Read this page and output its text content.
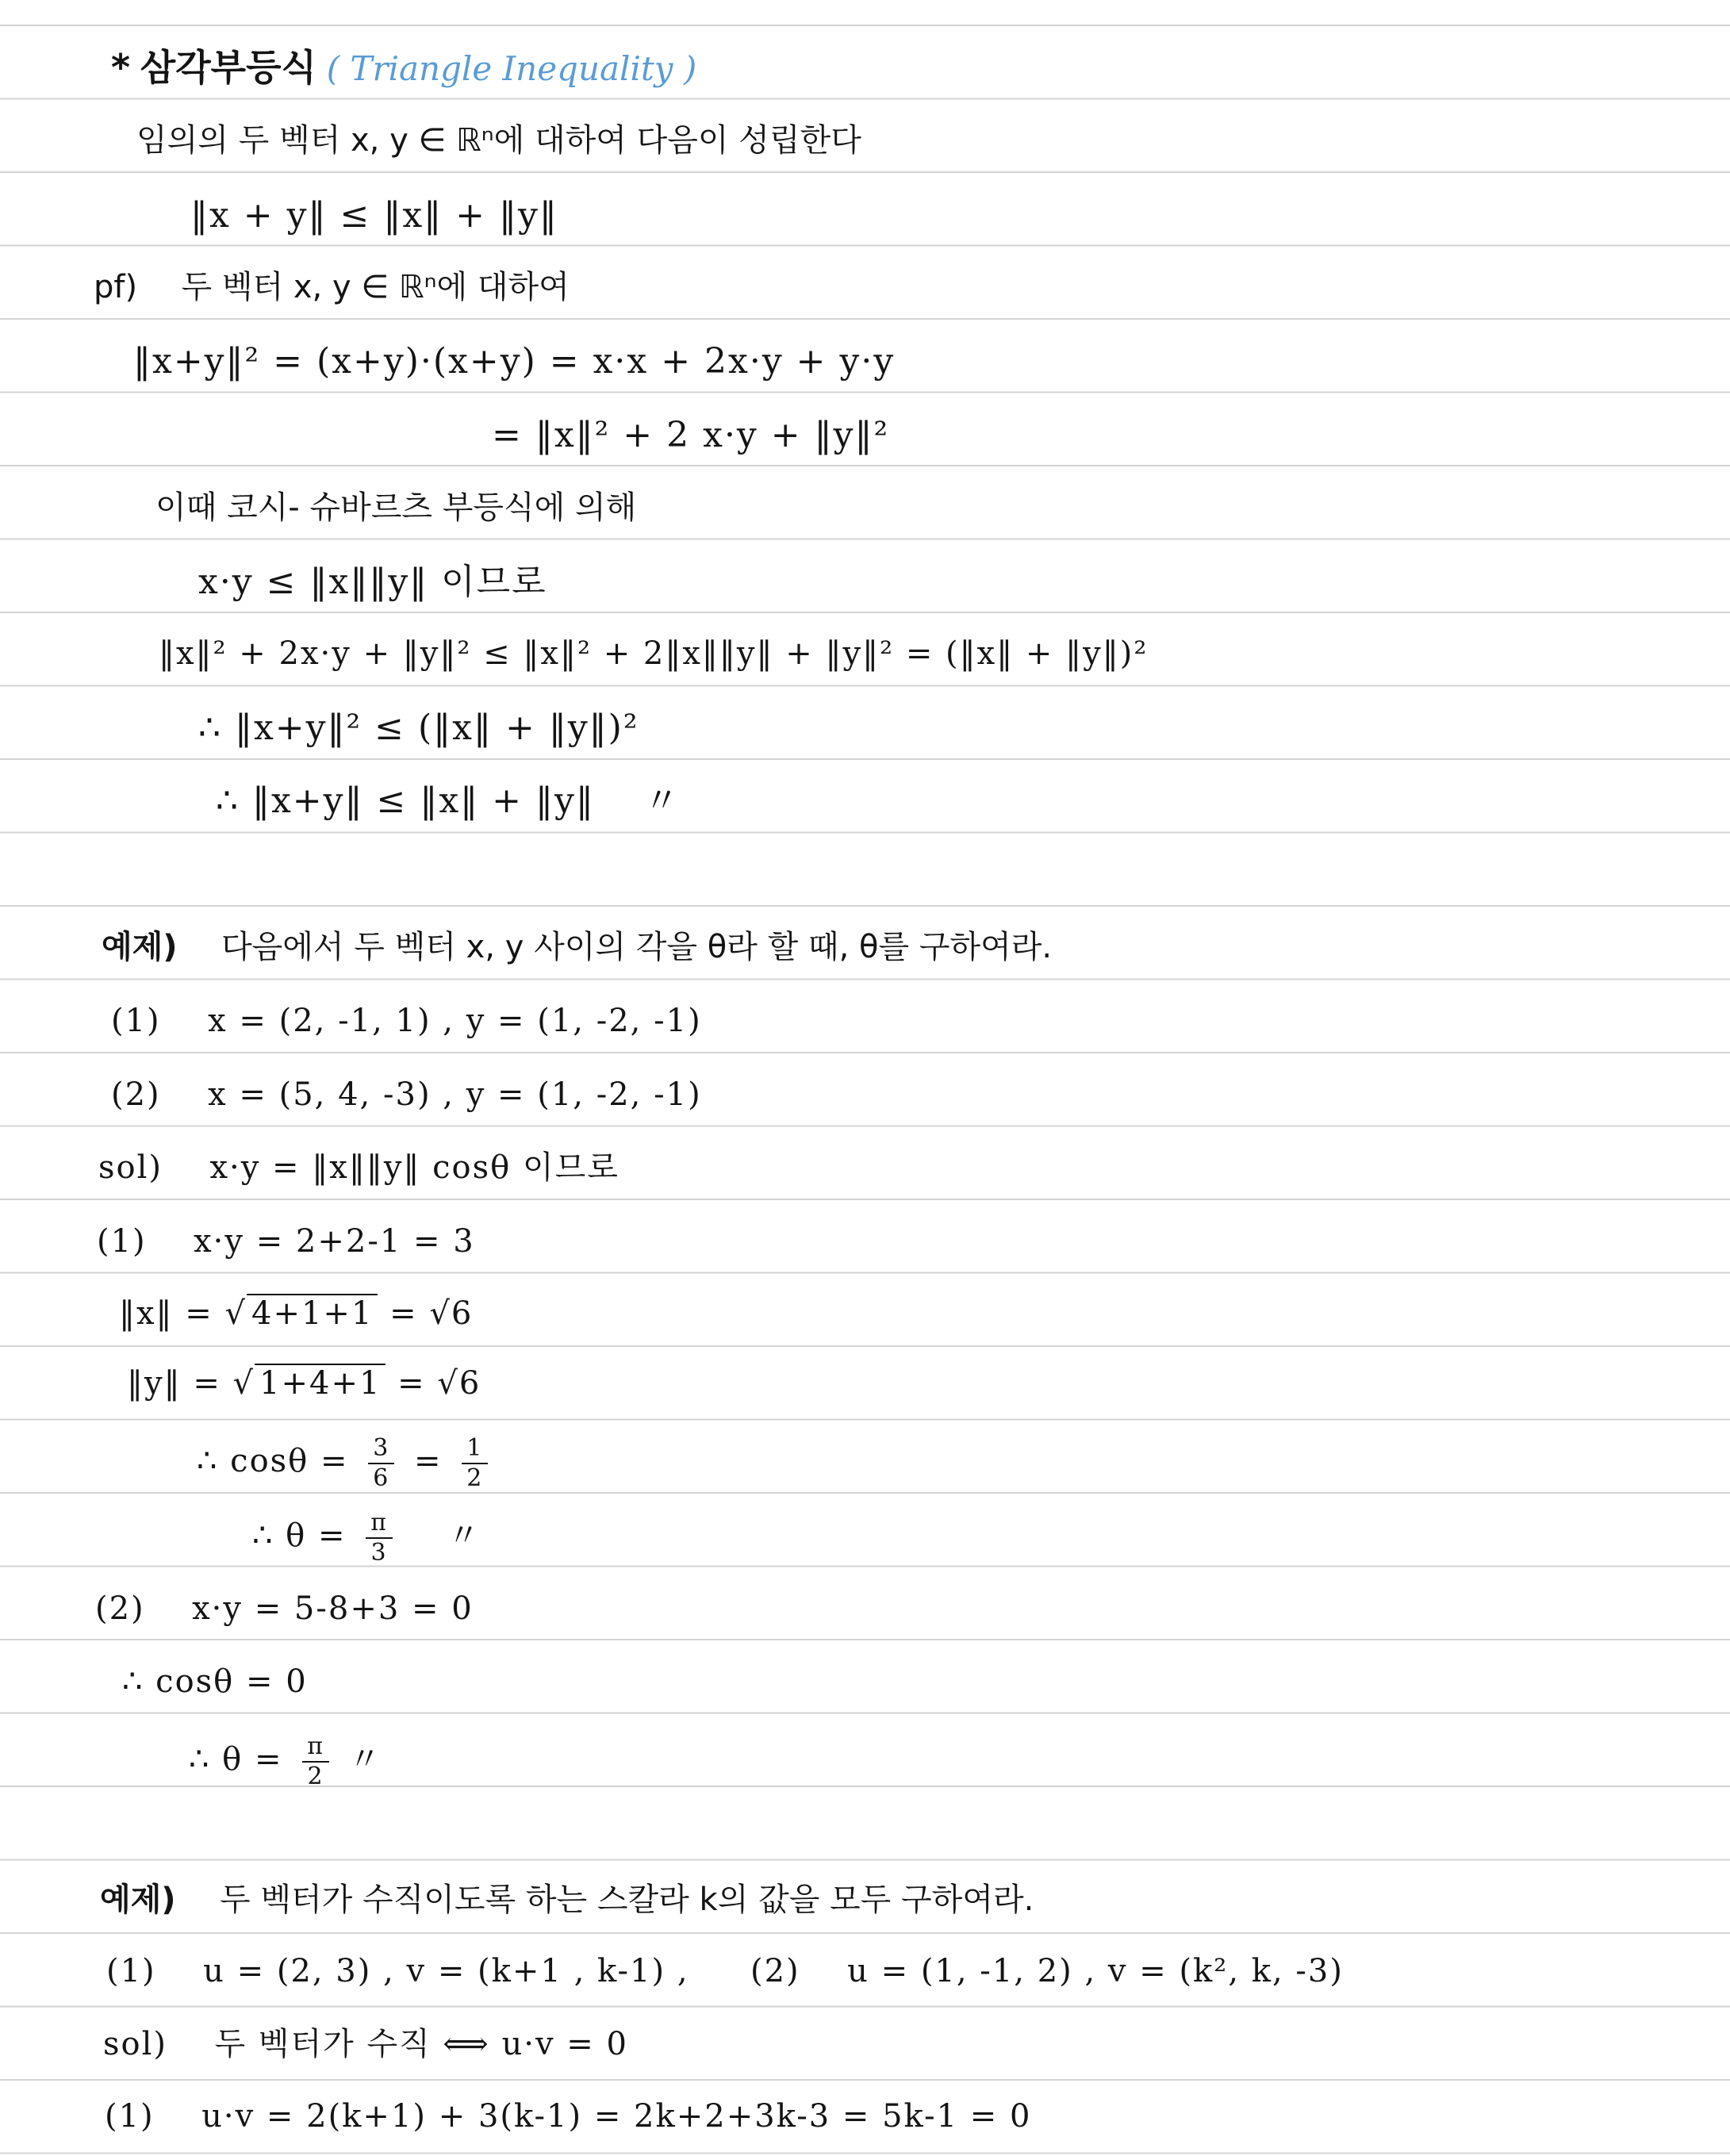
* 삼각부등식 ( Triangle Inequality )
임의의 두 벡터 x, y ∈ ℝⁿ에 대하여 다음이 성립한다
‖x + y‖ ≤ ‖x‖ + ‖y‖
pf) 두 벡터 x, y ∈ ℝⁿ에 대하여
‖x+y‖² = (x+y)·(x+y) = x·x + 2x·y + y·y
= ‖x‖² + 2 x·y + ‖y‖²
이때 코시- 슈바르츠 부등식에 의해
x·y ≤ ‖x‖‖y‖ 이므로
‖x‖² + 2x·y + ‖y‖² ≤ ‖x‖² + 2‖x‖‖y‖ + ‖y‖² = (‖x‖ + ‖y‖)²
∴ ‖x+y‖² ≤ (‖x‖ + ‖y‖)²
∴ ‖x+y‖ ≤ ‖x‖ + ‖y‖ 〃
예제) 다음에서 두 벡터 x, y 사이의 각을 θ라 할 때, θ를 구하여라.
(1) x = (2, -1, 1) , y = (1, -2, -1)
(2) x = (5, 4, -3) , y = (1, -2, -1)
sol) x·y = ‖x‖‖y‖ cosθ 이므로
(1) x·y = 2+2-1 = 3
‖x‖ = √ 4+1+1 = √6
‖y‖ = √ 1+4+1 = √6
∴ $\cos\theta = \frac{3}{6} = \frac{1}{2}$
∴ $\theta = \frac{\pi}{3}$ 〃
(2) x·y = 5-8+3 = 0
∴ cosθ = 0
∴ $\theta = \frac{\pi}{2}$ 〃
예제) 두 벡터가 수직이도록 하는 스칼라 k의 값을 모두 구하여라.
(1) u = (2, 3) , v = (k+1 , k-1) , (2) u = (1, -1, 2) , v = (k², k, -3)
sol) 두 벡터가 수직 ⟺ u·v = 0
(1) u·v = 2(k+1) + 3(k-1) = 2k+2+3k-3 = 5k-1 = 0
